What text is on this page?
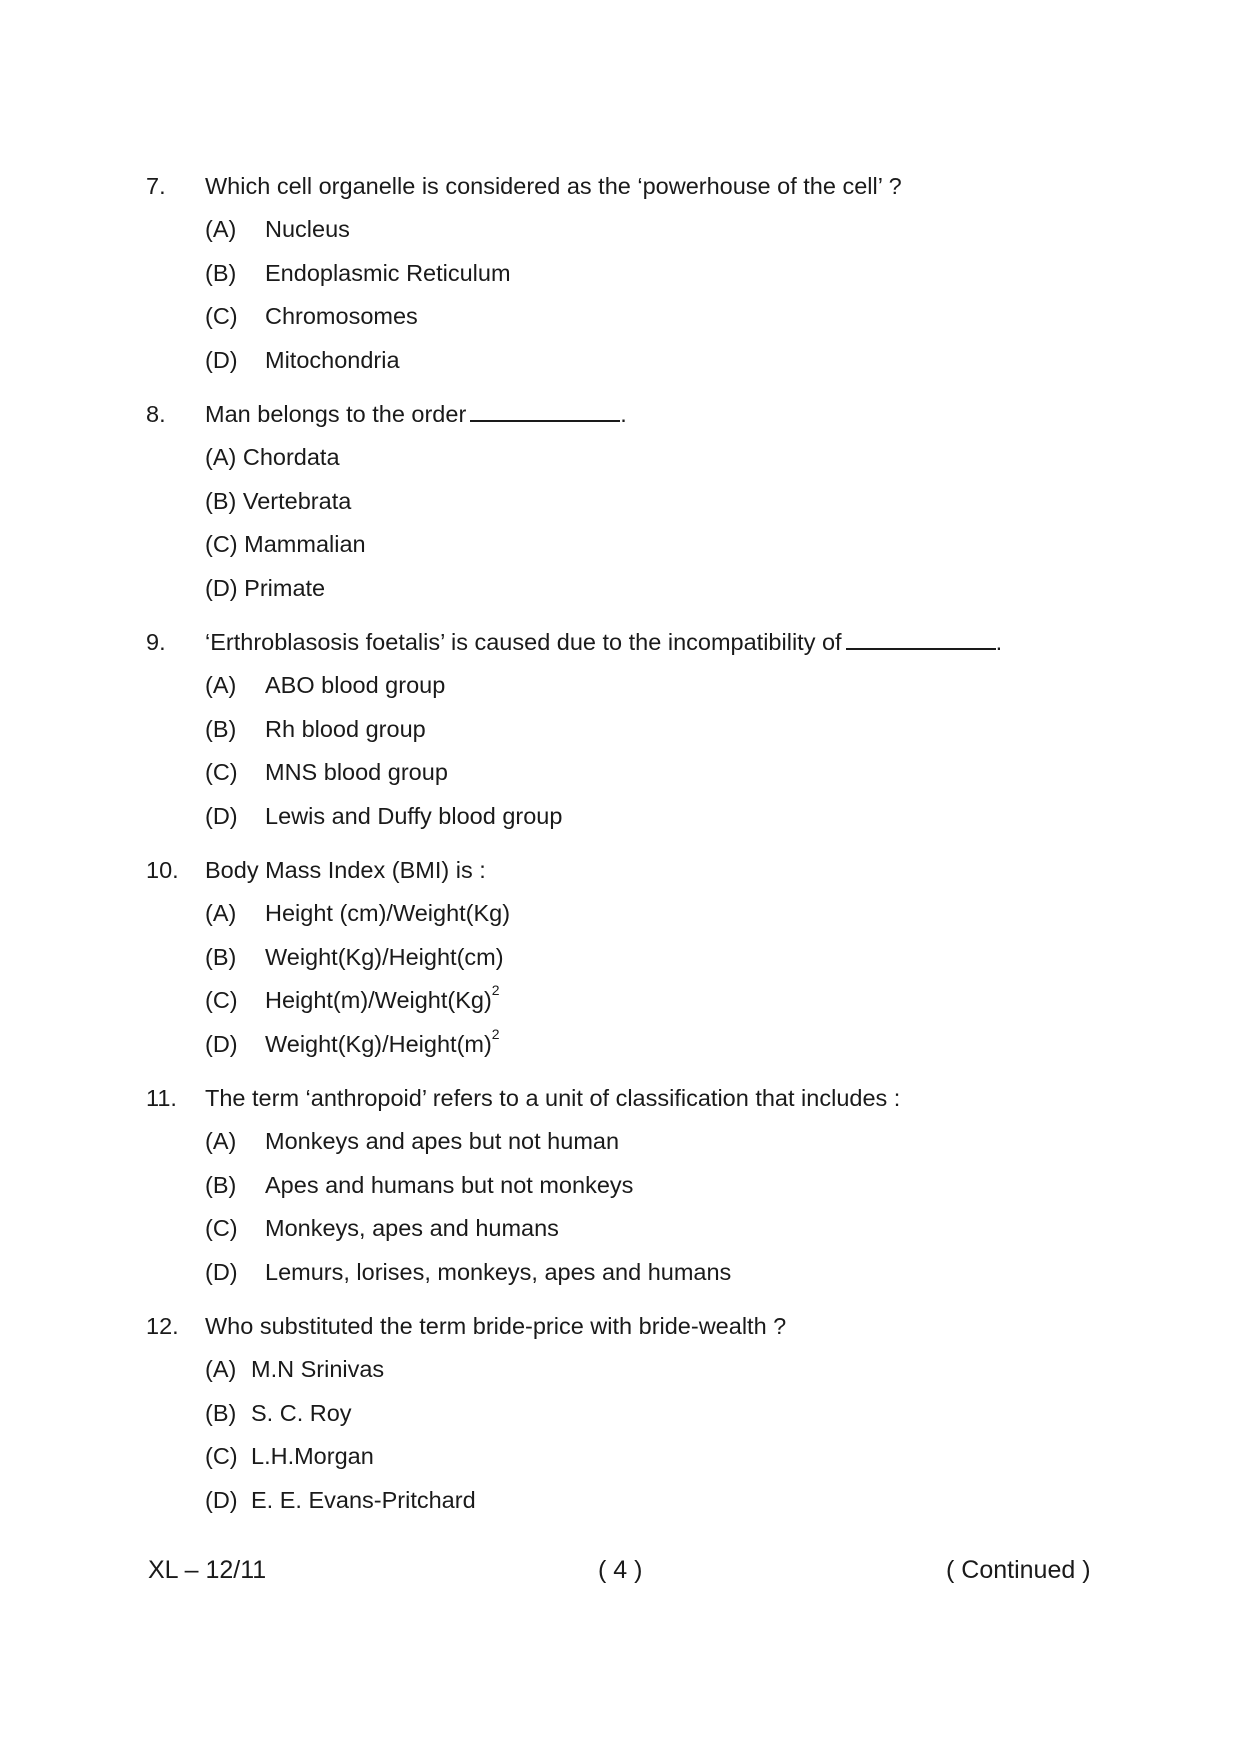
7. Which cell organelle is considered as the ‘powerhouse of the cell’ ?
(A) Nucleus
(B) Endoplasmic Reticulum
(C) Chromosomes
(D) Mitochondria
8. Man belongs to the order	.
(A) Chordata
(B) Vertebrata
(C) Mammalian
(D) Primate
9. ‘Erthroblasosis foetalis’ is caused due to the incompatibility of	.
(A) ABO blood group
(B) Rh blood group
(C) MNS blood group
(D) Lewis and Duffy blood group
10. Body Mass Index (BMI) is :
(A) Height (cm)/Weight(Kg)
(B) Weight(Kg)/Height(cm)
(C) $Height(m)/Weight(Kg)^2$
(D) $Weight(Kg)/Height(m)^2$
11. The term ‘anthropoid’ refers to a unit of classification that includes :
(A) Monkeys and apes but not human
(B) Apes and humans but not monkeys
(C) Monkeys, apes and humans
(D) Lemurs, lorises, monkeys, apes and humans
12. Who substituted the term bride-price with bride-wealth ?
(A) M.N Srinivas
(B) S. C. Roy
(C) L.H.Morgan
(D) E. E. Evans-Pritchard
XL – 12/11	( 4 )	( Continued )
